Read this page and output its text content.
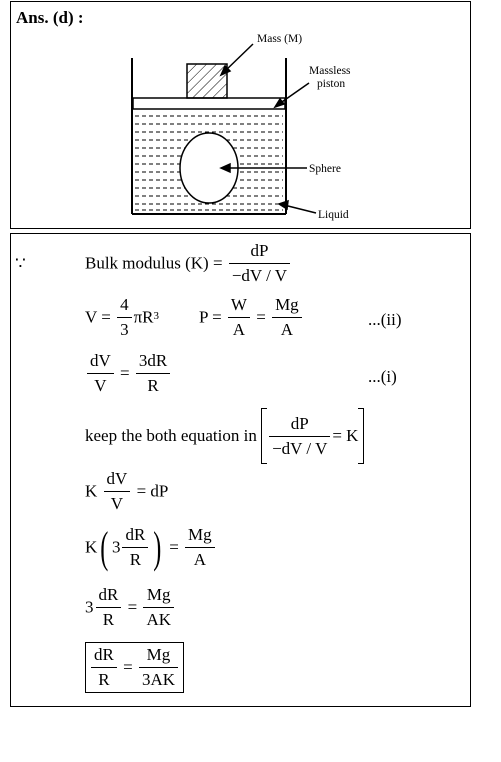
Ans. (d) :
Mass (M)
Massless
piston
Sphere
Liquid
∵	Bulk modulus $(K) = \frac{dP}{-dV / V}$
$V = \frac{4}{3} \pi R3$ $P = \frac{W}{A} = \frac{Mg}{A}$	...(ii)
$\frac{dV}{V} = \frac{3dR}{R}$	...(i)
keep the both equation in $\frac{dP}{-dV / V} = K$
K $\frac{dV}{V}$ = dP
K( $3 \frac{dR}{R}$ ) = $\frac{Mg}{A}$
$3 \frac{dR}{R} = \frac{Mg}{AK}$
$\frac{dR}{R} = \frac{Mg}{3AK}$
